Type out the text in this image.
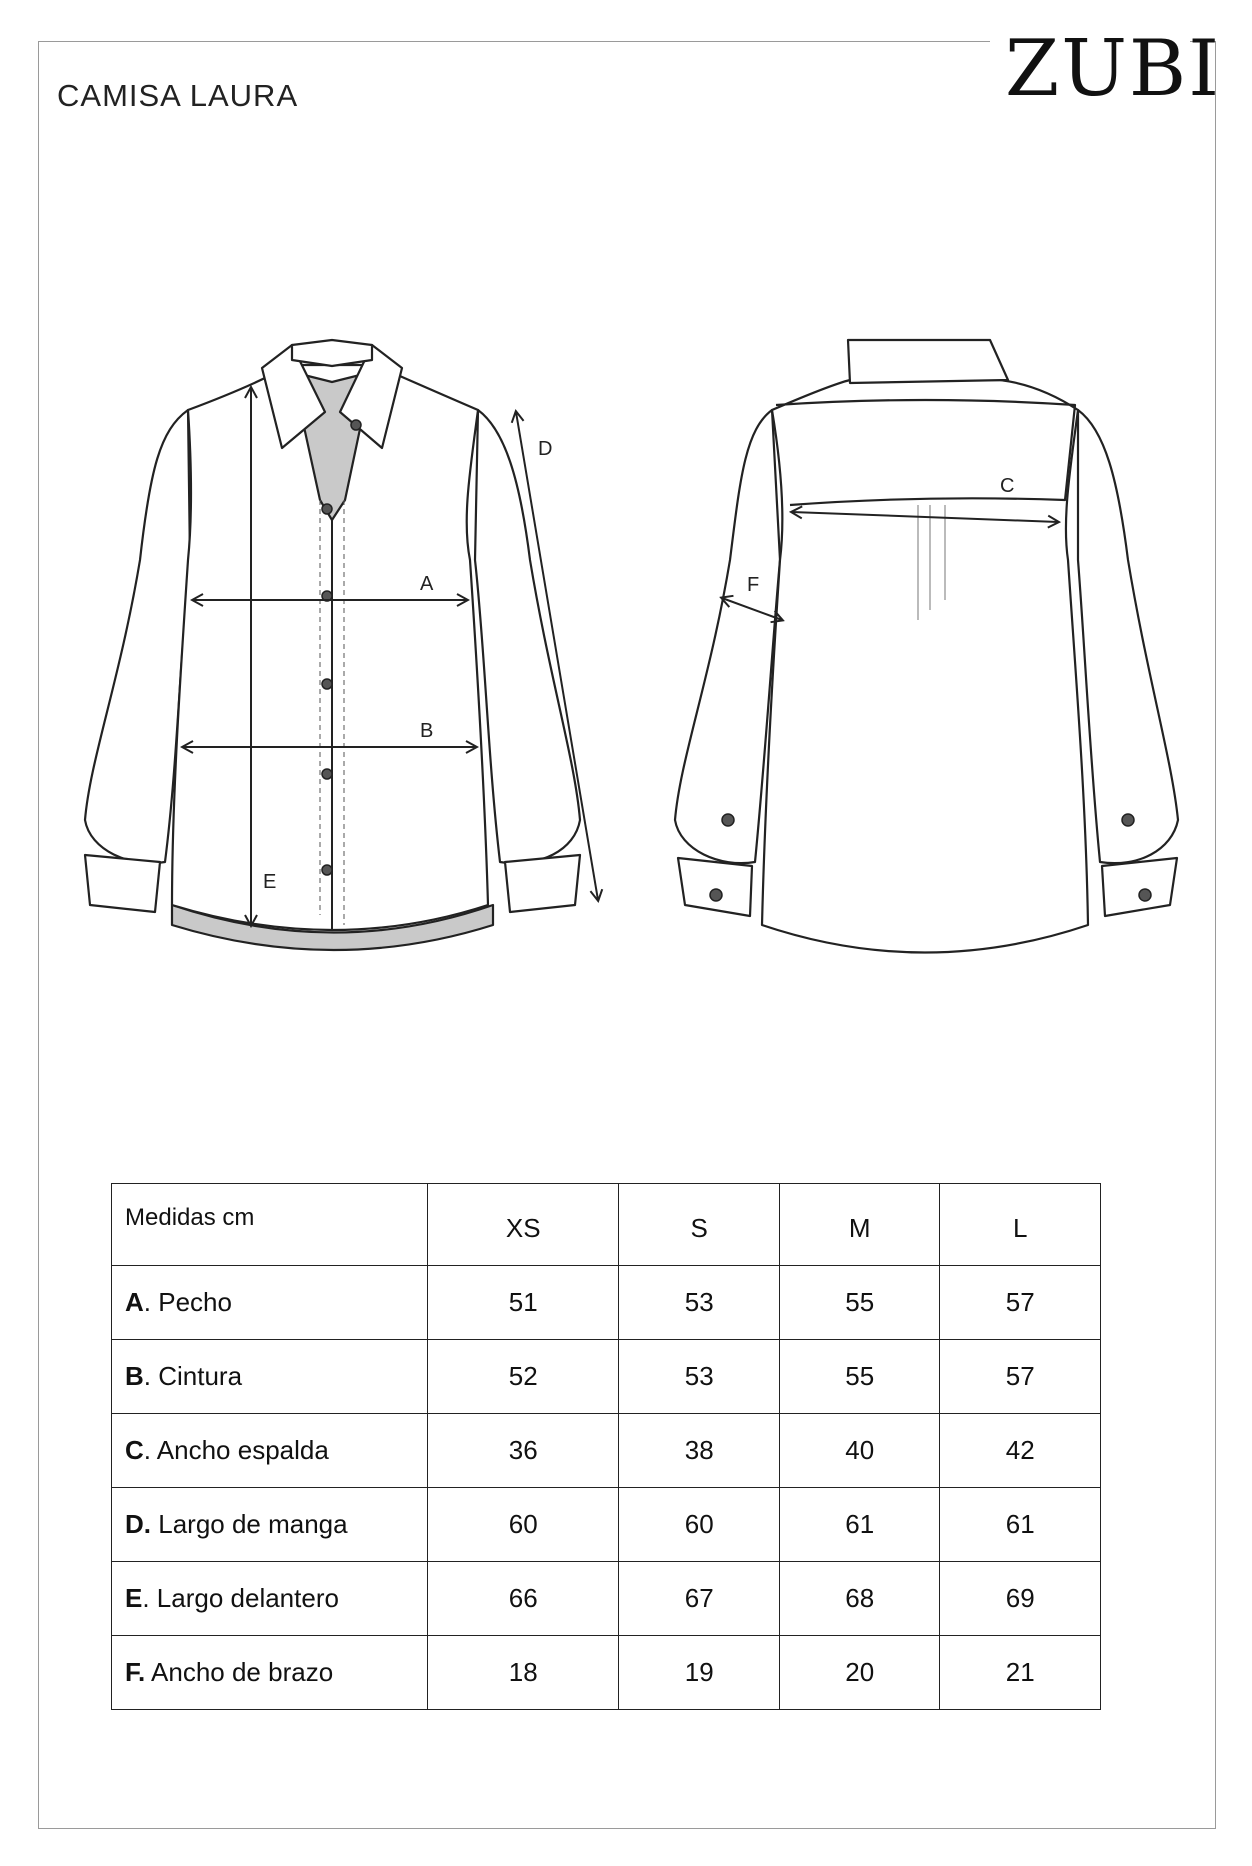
CAMISA LAURA	ZUBI
A
B
D
E
C
F
Medidas cm	XS	S	M	L
A. Pecho	51	53	55	57
B. Cintura	52	53	55	57
C. Ancho espalda	36	38	40	42
D. Largo de manga	60	60	61	61
E. Largo delantero	66	67	68	69
F. Ancho de brazo	18	19	20	21
